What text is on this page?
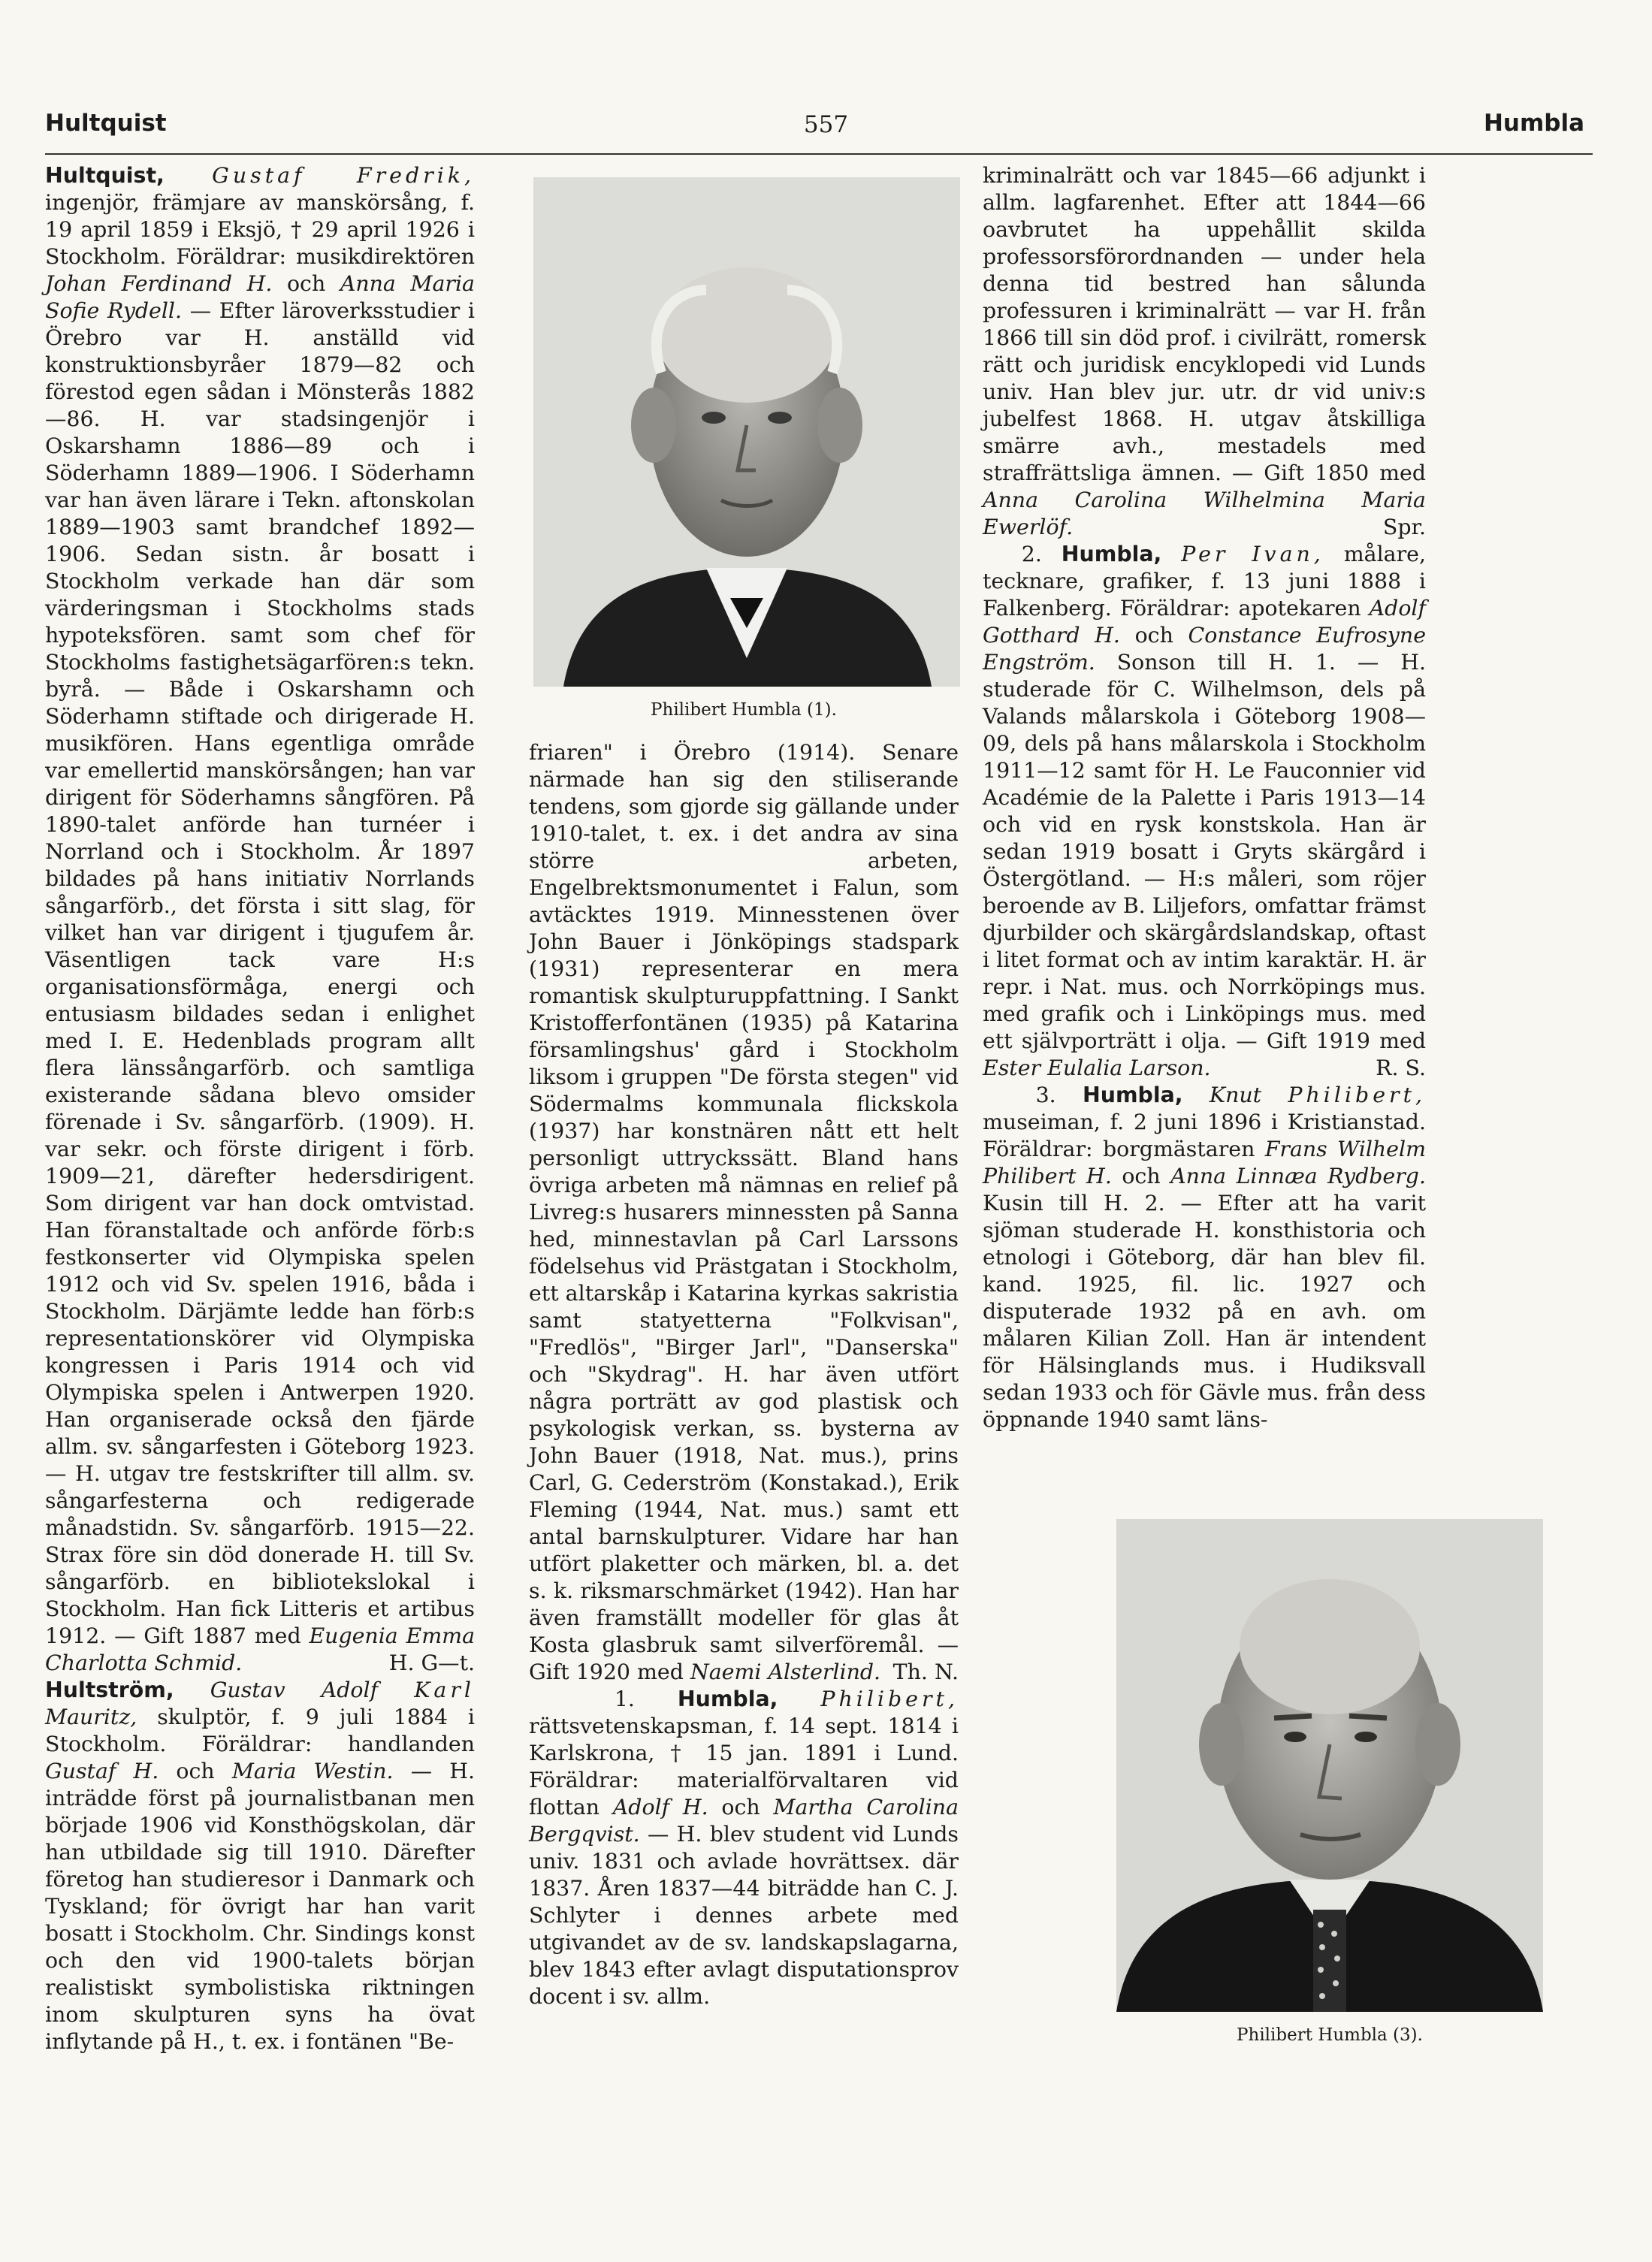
Hultquist	557	Humbla

Hultquist, Gustaf Fredrik, ingenjör, främjare av manskörsång, f. 19 april 1859 i Eksjö, † 29 april 1926 i Stockholm. Föräldrar: musikdirektören Johan Ferdinand H. och Anna Maria Sofie Rydell. — Efter läroverksstudier i Örebro var H. anställd vid konstruktionsbyråer 1879—82 och förestod egen sådan i Mönsterås 1882—86. H. var stadsingenjör i Oskarshamn 1886—89 och i Söderhamn 1889—1906. I Söderhamn var han även lärare i Tekn. aftonskolan 1889—1903 samt brandchef 1892—1906. Sedan sistn. år bosatt i Stockholm verkade han där som värderingsman i Stockholms stads hypoteksfören. samt som chef för Stockholms fastighetsägarfören:s tekn. byrå. — Både i Oskarshamn och Söderhamn stiftade och dirigerade H. musikfören. Hans egentliga område var emellertid manskörsången; han var dirigent för Söderhamns sångfören. På 1890-talet anförde han turnéer i Norrland och i Stockholm. År 1897 bildades på hans initiativ Norrlands sångarförb., det första i sitt slag, för vilket han var dirigent i tjugufem år. Väsentligen tack vare H:s organisationsförmåga, energi och entusiasm bildades sedan i enlighet med I. E. Hedenblads program allt flera länssångarförb. och samtliga existerande sådana blevo omsider förenade i Sv. sångarförb. (1909). H. var sekr. och förste dirigent i förb. 1909—21, därefter hedersdirigent. Som dirigent var han dock omtvistad. Han föranstaltade och anförde förb:s festkonserter vid Olympiska spelen 1912 och vid Sv. spelen 1916, båda i Stockholm. Därjämte ledde han förb:s representationskörer vid Olympiska kongressen i Paris 1914 och vid Olympiska spelen i Antwerpen 1920. Han organiserade också den fjärde allm. sv. sångarfesten i Göteborg 1923. — H. utgav tre festskrifter till allm. sv. sångarfesterna och redigerade månadstidn. Sv. sångarförb. 1915—22. Strax före sin död donerade H. till Sv. sångarförb. en bibliotekslokal i Stockholm. Han fick Litteris et artibus 1912. — Gift 1887 med Eugenia Emma Charlotta Schmid.	H. G—t.

Hultström, Gustav Adolf Karl Mauritz, skulptör, f. 9 juli 1884 i Stockholm. Föräldrar: handlanden Gustaf H. och Maria Westin. — H. inträdde först på journalistbanan men började 1906 vid Konsthögskolan, där han utbildade sig till 1910. Därefter företog han studieresor i Danmark och Tyskland; för övrigt har han varit bosatt i Stockholm. Chr. Sindings konst och den vid 1900-talets början realistiskt symbolistiska riktningen inom skulpturen syns ha övat inflytande på H., t. ex. i fontänen "Be-

Philibert Humbla (1).

friaren" i Örebro (1914). Senare närmade han sig den stiliserande tendens, som gjorde sig gällande under 1910-talet, t. ex. i det andra av sina större arbeten, Engelbrektsmonumentet i Falun, som avtäcktes 1919. Minnesstenen över John Bauer i Jönköpings stadspark (1931) representerar en mera romantisk skulpturuppfattning. I Sankt Kristofferfontänen (1935) på Katarina församlingshus' gård i Stockholm liksom i gruppen "De första stegen" vid Södermalms kommunala flickskola (1937) har konstnären nått ett helt personligt uttryckssätt. Bland hans övriga arbeten må nämnas en relief på Livreg:s husarers minnessten på Sanna hed, minnestavlan på Carl Larssons födelsehus vid Prästgatan i Stockholm, ett altarskåp i Katarina kyrkas sakristia samt statyetterna "Folkvisan", "Fredlös", "Birger Jarl", "Danserska" och "Skydrag". H. har även utfört några porträtt av god plastisk och psykologisk verkan, ss. bysterna av John Bauer (1918, Nat. mus.), prins Carl, G. Cederström (Konstakad.), Erik Fleming (1944, Nat. mus.) samt ett antal barnskulpturer. Vidare har han utfört plaketter och märken, bl. a. det s. k. riksmarschmärket (1942). Han har även framställt modeller för glas åt Kosta glasbruk samt silverföremål. — Gift 1920 med Naemi Alsterlind. Th. N.

1. Humbla, Philibert, rättsvetenskapsman, f. 14 sept. 1814 i Karlskrona, † 15 jan. 1891 i Lund. Föräldrar: materialförvaltaren vid flottan Adolf H. och Martha Carolina Bergqvist. — H. blev student vid Lunds univ. 1831 och avlade hovrättsex. där 1837. Åren 1837—44 biträdde han C. J. Schlyter i dennes arbete med utgivandet av de sv. landskapslagarna, blev 1843 efter avlagt disputationsprov docent i sv. allm.

kriminalrätt och var 1845—66 adjunkt i allm. lagfarenhet. Efter att 1844—66 oavbrutet ha uppehållit skilda professorsförordnanden — under hela denna tid bestred han sålunda professuren i kriminalrätt — var H. från 1866 till sin död prof. i civilrätt, romersk rätt och juridisk encyklopedi vid Lunds univ. Han blev jur. utr. dr vid univ:s jubelfest 1868. H. utgav åtskilliga smärre avh., mestadels med straffrättsliga ämnen. — Gift 1850 med Anna Carolina Wilhelmina Maria Ewerlöf.	Spr.

2. Humbla, Per Ivan, målare, tecknare, grafiker, f. 13 juni 1888 i Falkenberg. Föräldrar: apotekaren Adolf Gotthard H. och Constance Eufrosyne Engström. Sonson till H. 1. — H. studerade för C. Wilhelmson, dels på Valands målarskola i Göteborg 1908—09, dels på hans målarskola i Stockholm 1911—12 samt för H. Le Fauconnier vid Académie de la Palette i Paris 1913—14 och vid en rysk konstskola. Han är sedan 1919 bosatt i Gryts skärgård i Östergötland. — H:s måleri, som röjer beroende av B. Liljefors, omfattar främst djurbilder och skärgårdslandskap, oftast i litet format och av intim karaktär. H. är repr. i Nat. mus. och Norrköpings mus. med grafik och i Linköpings mus. med ett självporträtt i olja. — Gift 1919 med Ester Eulalia Larson.	R. S.

3. Humbla, Knut Philibert, museiman, f. 2 juni 1896 i Kristianstad. Föräldrar: borgmästaren Frans Wilhelm Philibert H. och Anna Linnæa Rydberg. Kusin till H. 2. — Efter att ha varit sjöman studerade H. konsthistoria och etnologi i Göteborg, där han blev fil. kand. 1925, fil. lic. 1927 och disputerade 1932 på en avh. om målaren Kilian Zoll. Han är intendent för Hälsinglands mus. i Hudiksvall sedan 1933 och för Gävle mus. från dess öppnande 1940 samt läns-

Philibert Humbla (3).
